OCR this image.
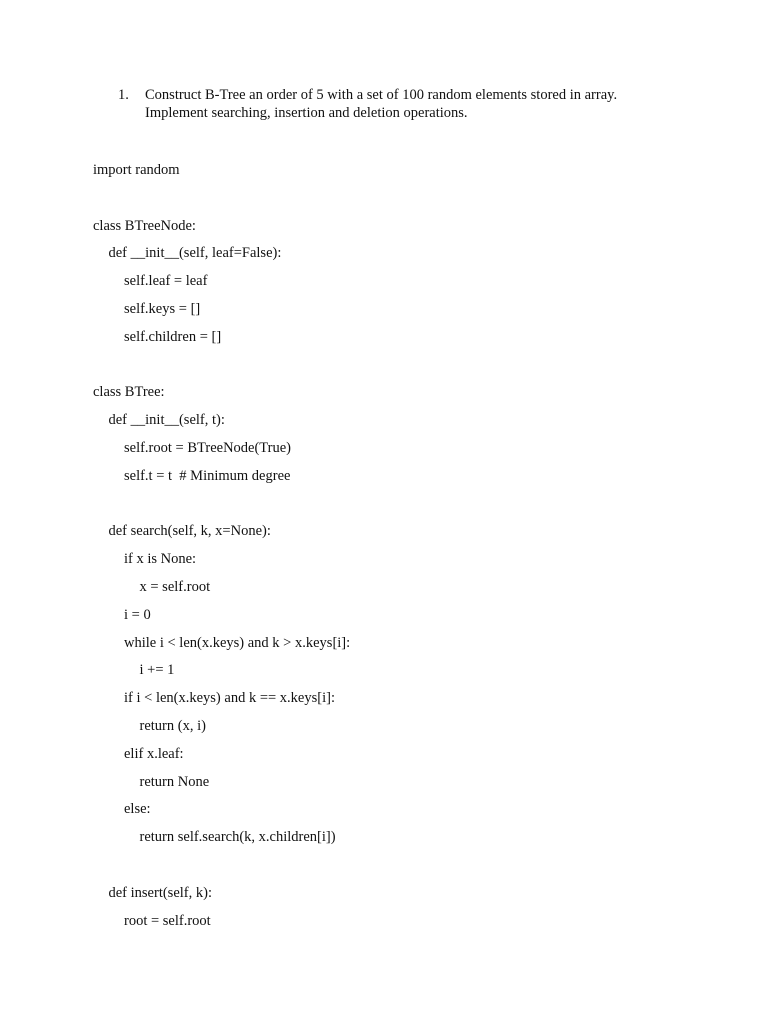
1. Construct B-Tree an order of 5 with a set of 100 random elements stored in array.
Implement searching, insertion and deletion operations.
import random
class BTreeNode:
def __init__(self, leaf=False):
self.leaf = leaf
self.keys = []
self.children = []
class BTree:
def __init__(self, t):
self.root = BTreeNode(True)
self.t = t  # Minimum degree
def search(self, k, x=None):
if x is None:
x = self.root
i = 0
while i < len(x.keys) and k > x.keys[i]:
i += 1
if i < len(x.keys) and k == x.keys[i]:
return (x, i)
elif x.leaf:
return None
else:
return self.search(k, x.children[i])
def insert(self, k):
root = self.root
